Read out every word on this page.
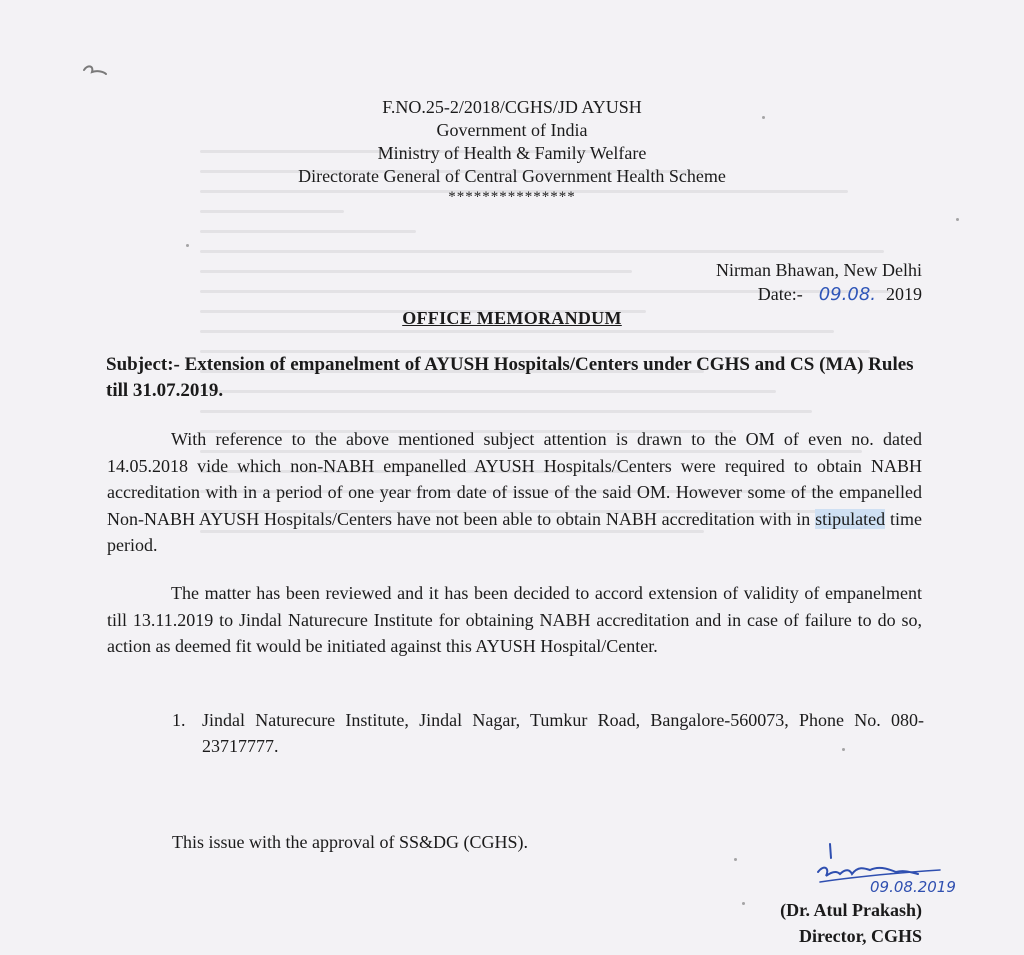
F.NO.25-2/2018/CGHS/JD AYUSH
Government of India
Ministry of Health & Family Welfare
Directorate General of Central Government Health Scheme
***************
Nirman Bhawan, New Delhi
Date:- 09.08. 2019
OFFICE MEMORANDUM
Subject:- Extension of empanelment of AYUSH Hospitals/Centers under CGHS and CS (MA) Rules till 31.07.2019.
With reference to the above mentioned subject attention is drawn to the OM of even no. dated 14.05.2018 vide which non-NABH empanelled AYUSH Hospitals/Centers were required to obtain NABH accreditation with in a period of one year from date of issue of the said OM. However some of the empanelled Non-NABH AYUSH Hospitals/Centers have not been able to obtain NABH accreditation with in stipulated time period.
The matter has been reviewed and it has been decided to accord extension of validity of empanelment till 13.11.2019 to Jindal Naturecure Institute for obtaining NABH accreditation and in case of failure to do so, action as deemed fit would be initiated against this AYUSH Hospital/Center.
1. Jindal Naturecure Institute, Jindal Nagar, Tumkur Road, Bangalore-560073, Phone No. 080-23717777.
This issue with the approval of SS&DG (CGHS).
09.08.2019
(Dr. Atul Prakash)
Director, CGHS
